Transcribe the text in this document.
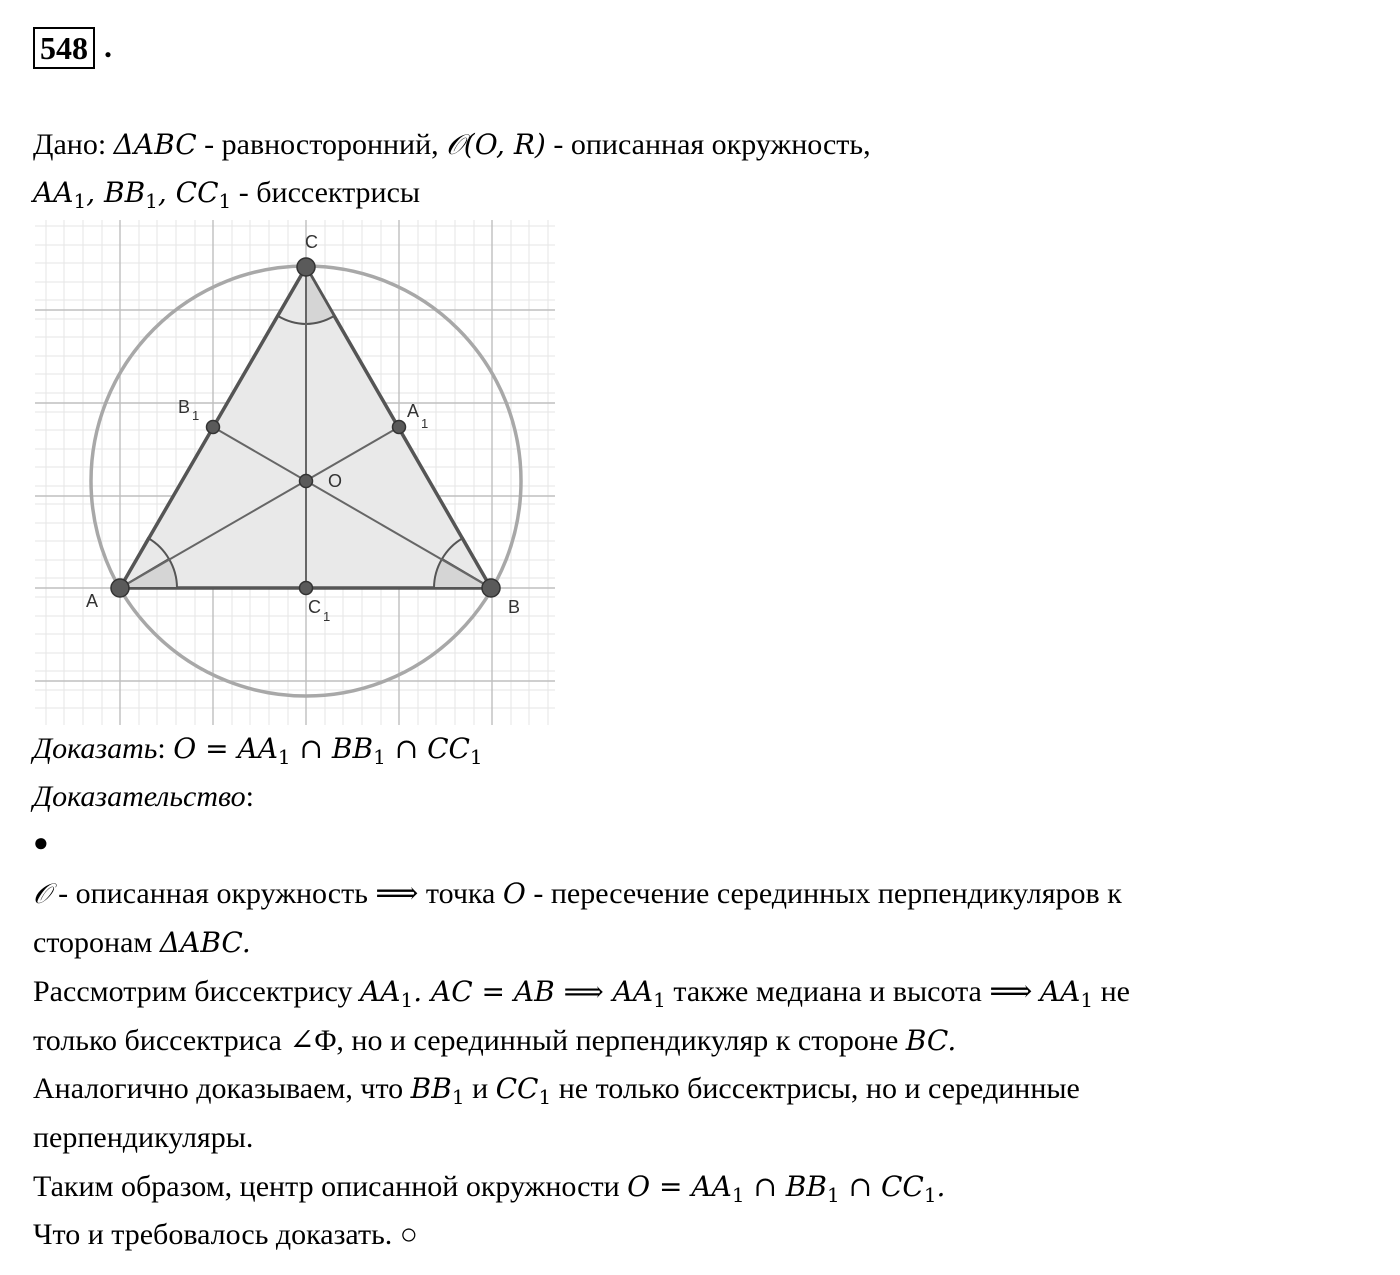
548 .
Дано: ΔABC - равносторонний, 𝒪(O, R) - описанная окружность,
$AA_1$, $BB_1$, $CC_1$ - биссектрисы
A	B
C
O
B 1	A
1
C 1
Доказать: $O = AA_1$ ∩ $BB_1$ ∩ $CC_1$
Доказательство:
●
𝒪 - описанная окружность ⟹ точка O - пересечение серединных перпендикуляров к
сторонам ΔABC.
Рассмотрим биссектрису $AA_1$. AC = AB ⟹ $AA_1$ также медиана и высота ⟹ $AA_1$ не
только биссектриса ∠Φ, но и серединный перпендикуляр к стороне BC.
Аналогично доказываем, что $BB_1$ и $CC_1$ не только биссектрисы, но и серединные
перпендикуляры.
Таким образом, центр описанной окружности $O = AA_1$ ∩ $BB_1$ ∩ $CC_1$.
Что и требовалось доказать. ○
